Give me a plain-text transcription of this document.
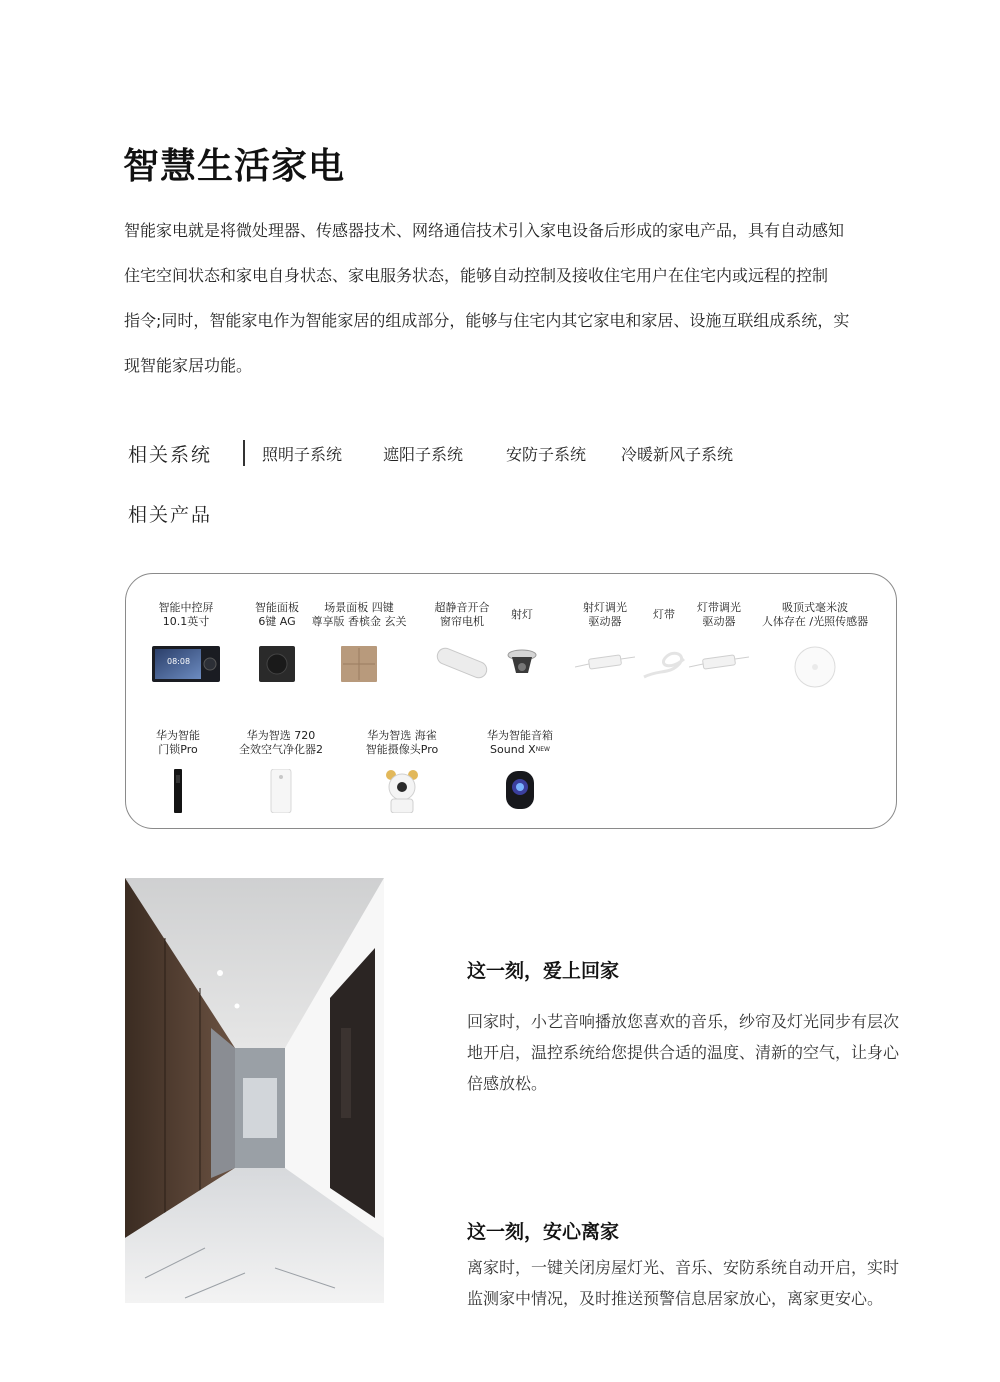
智慧生活家电

智能家电就是将微处理器、传感器技术、网络通信技术引入家电设备后形成的家电产品，具有自动感知

住宅空间状态和家电自身状态、家电服务状态，能够自动控制及接收住宅用户在住宅内或远程的控制

指令;同时，智能家电作为智能家居的组成部分，能够与住宅内其它家电和家居、设施互联组成系统，实

现智能家居功能。

相关系统	照明子系统	遮阳子系统	安防子系统 冷暖新风子系统
相关产品
智能中控屏
10.1英寸
08:08
智能面板
6键 AG
场景面板 四键
尊享版 香槟金 玄关
超静音开合
窗帘电机
射灯
射灯调光
驱动器
灯带
灯带调光
驱动器
吸顶式毫米波
人体存在 /光照传感器
华为智能
门锁Pro
华为智选 720
全效空气净化器2
华为智选 海雀
智能摄像头Pro
华为智能音箱
Sound $X^{NEW}$
这一刻，爱上回家

回家时，小艺音响播放您喜欢的音乐，纱帘及灯光同步有层次

地开启，温控系统给您提供合适的温度、清新的空气，让身心

倍感放松。

这一刻，安心离家

离家时，一键关闭房屋灯光、音乐、安防系统自动开启，实时

监测家中情况，及时推送预警信息居家放心，离家更安心。
